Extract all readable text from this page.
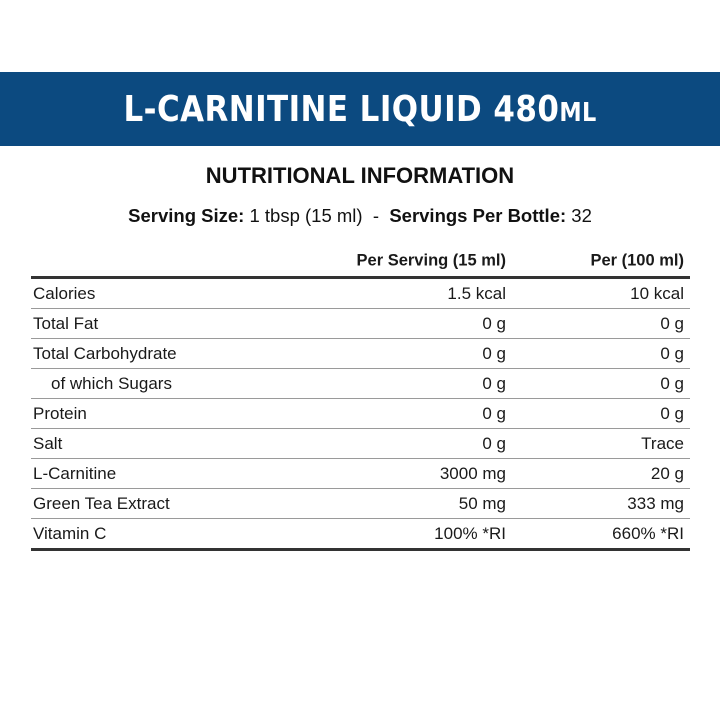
L-CARNITINE LIQUID 480ML
NUTRITIONAL INFORMATION
Serving Size: 1 tbsp (15 ml) - Servings Per Bottle: 32
Per Serving (15 ml)	Per (100 ml)
Calories	1.5 kcal	10 kcal
Total Fat	0 g	0 g
Total Carbohydrate	0 g	0 g
of which Sugars	0 g	0 g
Protein	0 g	0 g
Salt	0 g	Trace
L-Carnitine	3000 mg	20 g
Green Tea Extract	50 mg	333 mg
Vitamin C	100% *RI	660% *RI
